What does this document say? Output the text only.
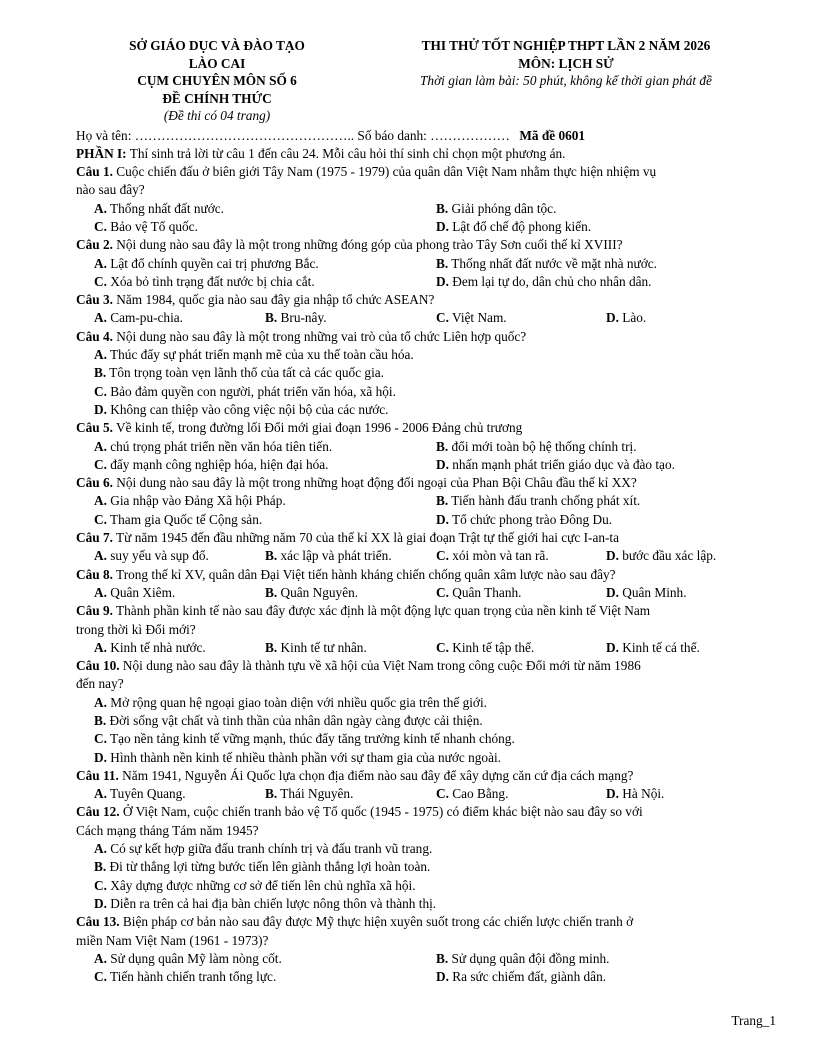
SỞ GIÁO DỤC VÀ ĐÀO TẠO
LÀO CAI
CỤM CHUYÊN MÔN SỐ 6
ĐỀ CHÍNH THỨC
(Đề thi có 04 trang)
THI THỬ TỐT NGHIỆP THPT LẦN 2 NĂM 2026
MÔN: LỊCH SỬ
Thời gian làm bài: 50 phút, không kể thời gian phát đề
Họ và tên: ………………………………………….. Số báo danh: ……………… Mã đề 0601
PHẦN I: Thí sinh trả lời từ câu 1 đến câu 24. Mỗi câu hỏi thí sinh chỉ chọn một phương án.
Câu 1. Cuộc chiến đấu ở biên giới Tây Nam (1975 - 1979) của quân dân Việt Nam nhằm thực hiện nhiệm vụ
nào sau đây?
A. Thống nhất đất nước.	B. Giải phóng dân tộc.
C. Bảo vệ Tổ quốc.	D. Lật đổ chế độ phong kiến.
Câu 2. Nội dung nào sau đây là một trong những đóng góp của phong trào Tây Sơn cuối thế kỉ XVIII?
A. Lật đổ chính quyền cai trị phương Bắc.	B. Thống nhất đất nước về mặt nhà nước.
C. Xóa bỏ tình trạng đất nước bị chia cắt.	D. Đem lại tự do, dân chủ cho nhân dân.
Câu 3. Năm 1984, quốc gia nào sau đây gia nhập tổ chức ASEAN?
A. Cam-pu-chia.	B. Bru-nây.	C. Việt Nam.	D. Lào.
Câu 4. Nội dung nào sau đây là một trong những vai trò của tổ chức Liên hợp quốc?
A. Thúc đẩy sự phát triển mạnh mẽ của xu thế toàn cầu hóa.
B. Tôn trọng toàn vẹn lãnh thổ của tất cả các quốc gia.
C. Bảo đảm quyền con người, phát triển văn hóa, xã hội.
D. Không can thiệp vào công việc nội bộ của các nước.
Câu 5. Về kinh tế, trong đường lối Đổi mới giai đoạn 1996 - 2006 Đảng chủ trương
A. chú trọng phát triển nền văn hóa tiên tiến.	B. đổi mới toàn bộ hệ thống chính trị.
C. đẩy mạnh công nghiệp hóa, hiện đại hóa.	D. nhấn mạnh phát triển giáo dục và đào tạo.
Câu 6. Nội dung nào sau đây là một trong những hoạt động đối ngoại của Phan Bội Châu đầu thế kỉ XX?
A. Gia nhập vào Đảng Xã hội Pháp.	B. Tiến hành đấu tranh chống phát xít.
C. Tham gia Quốc tế Cộng sản.	D. Tổ chức phong trào Đông Du.
Câu 7. Từ năm 1945 đến đầu những năm 70 của thế kỉ XX là giai đoạn Trật tự thế giới hai cực I-an-ta
A. suy yếu và sụp đổ.	B. xác lập và phát triển.	C. xói mòn và tan rã.	D. bước đầu xác lập.
Câu 8. Trong thế kỉ XV, quân dân Đại Việt tiến hành kháng chiến chống quân xâm lược nào sau đây?
A. Quân Xiêm.	B. Quân Nguyên.	C. Quân Thanh.	D. Quân Minh.
Câu 9. Thành phần kinh tế nào sau đây được xác định là một động lực quan trọng của nền kinh tế Việt Nam
trong thời kì Đổi mới?
A. Kinh tế nhà nước.	B. Kinh tế tư nhân.	C. Kinh tế tập thể.	D. Kinh tế cá thể.
Câu 10. Nội dung nào sau đây là thành tựu về xã hội của Việt Nam trong công cuộc Đổi mới từ năm 1986
đến nay?
A. Mở rộng quan hệ ngoại giao toàn diện với nhiều quốc gia trên thế giới.
B. Đời sống vật chất và tinh thần của nhân dân ngày càng được cải thiện.
C. Tạo nền tảng kinh tế vững mạnh, thúc đẩy tăng trưởng kinh tế nhanh chóng.
D. Hình thành nền kinh tế nhiều thành phần với sự tham gia của nước ngoài.
Câu 11. Năm 1941, Nguyễn Ái Quốc lựa chọn địa điểm nào sau đây để xây dựng căn cứ địa cách mạng?
A. Tuyên Quang.	B. Thái Nguyên.	C. Cao Bằng.	D. Hà Nội.
Câu 12. Ở Việt Nam, cuộc chiến tranh bảo vệ Tổ quốc (1945 - 1975) có điểm khác biệt nào sau đây so với
Cách mạng tháng Tám năm 1945?
A. Có sự kết hợp giữa đấu tranh chính trị và đấu tranh vũ trang.
B. Đi từ thắng lợi từng bước tiến lên giành thắng lợi hoàn toàn.
C. Xây dựng được những cơ sở để tiến lên chủ nghĩa xã hội.
D. Diễn ra trên cả hai địa bàn chiến lược nông thôn và thành thị.
Câu 13. Biện pháp cơ bản nào sau đây được Mỹ thực hiện xuyên suốt trong các chiến lược chiến tranh ở
miền Nam Việt Nam (1961 - 1973)?
A. Sử dụng quân Mỹ làm nòng cốt.	B. Sử dụng quân đội đồng minh.
C. Tiến hành chiến tranh tổng lực.	D. Ra sức chiếm đất, giành dân.
Trang_1
